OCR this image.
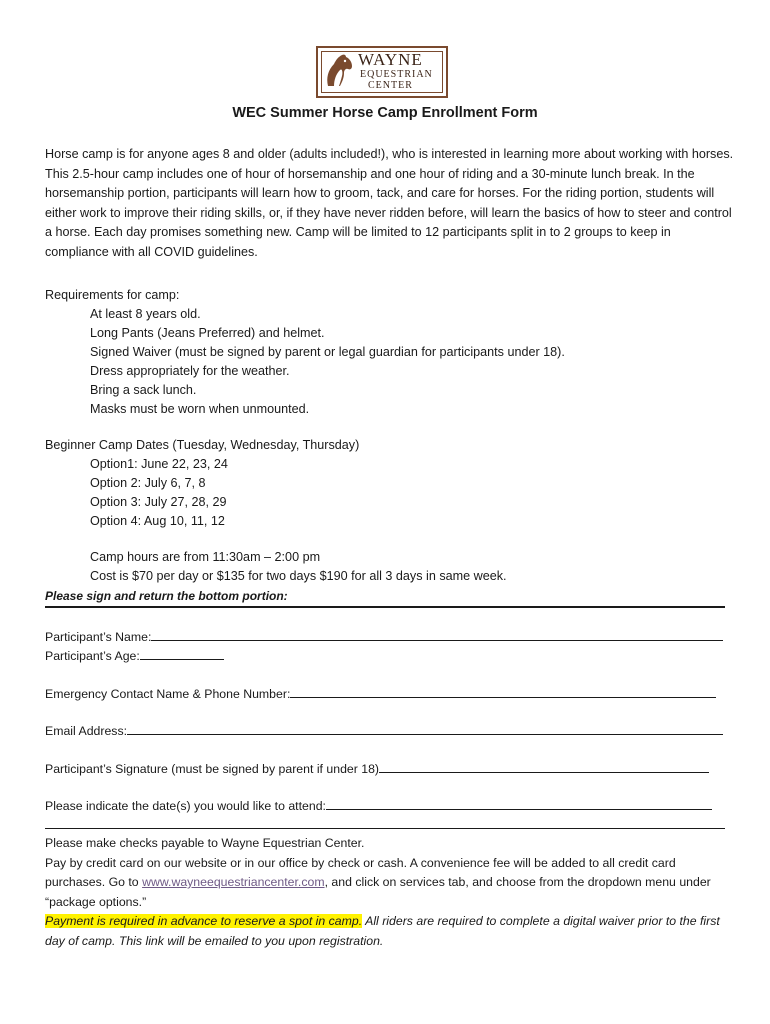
WAYNE
EQUESTRIAN
CENTER
WEC Summer Horse Camp Enrollment Form
Horse camp is for anyone ages 8 and older (adults included!), who is interested in learning more about working with horses. This 2.5-hour camp includes one of hour of horsemanship and one hour of riding and a 30-minute lunch break. In the horsemanship portion, participants will learn how to groom, tack, and care for horses. For the riding portion, students will either work to improve their riding skills, or, if they have never ridden before, will learn the basics of how to steer and control a horse. Each day promises something new. Camp will be limited to 12 participants split in to 2 groups to keep in compliance with all COVID guidelines.
Requirements for camp:
At least 8 years old.
Long Pants (Jeans Preferred) and helmet.
Signed Waiver (must be signed by parent or legal guardian for participants under 18).
Dress appropriately for the weather.
Bring a sack lunch.
Masks must be worn when unmounted.
Beginner Camp Dates (Tuesday, Wednesday, Thursday)
Option1: June 22, 23, 24
Option 2: July 6, 7, 8
Option 3: July 27, 28, 29
Option 4: Aug 10, 11, 12
Camp hours are from 11:30am – 2:00 pm
Cost is $70 per day or $135 for two days $190 for all 3 days in same week.
Please sign and return the bottom portion:
Participant’s Name:
Participant’s Age:
Emergency Contact Name & Phone Number:
Email Address:
Participant’s Signature (must be signed by parent if under 18)
Please indicate the date(s) you would like to attend:
Please make checks payable to Wayne Equestrian Center.
Pay by credit card on our website or in our office by check or cash. A convenience fee will be added to all credit card purchases. Go to www.wayneequestriancenter.com, and click on services tab, and choose from the dropdown menu under “package options.”
Payment is required in advance to reserve a spot in camp. All riders are required to complete a digital waiver prior to the first day of camp. This link will be emailed to you upon registration.
